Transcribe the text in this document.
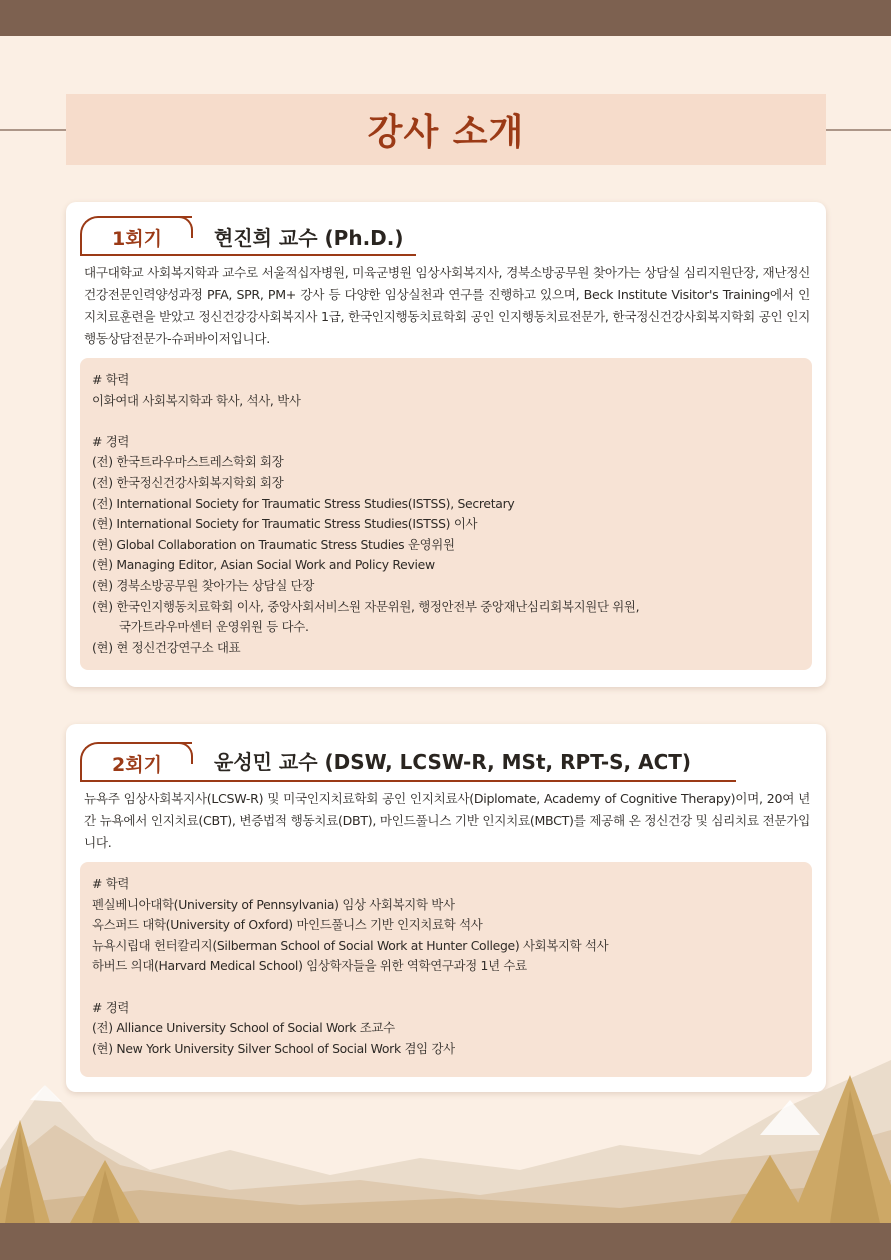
강사 소개
1회기	현진희 교수 (Ph.D.)

대구대학교 사회복지학과 교수로 서울적십자병원, 미육군병원 임상사회복지사, 경북소방공무원 찾아가는 상담실 심리지원단장, 재난정신건강전문인력양성과정 PFA, SPR, PM+ 강사 등 다양한 임상실천과 연구를 진행하고 있으며, Beck Institute Visitor's Training에서 인지치료훈련을 받았고 정신건강강사회복지사 1급, 한국인지행동치료학회 공인 인지행동치료전문가, 한국정신건강사회복지학회 공인 인지행동상담전문가-슈퍼바이저입니다.

# 학력
이화여대 사회복지학과 학사, 석사, 박사
# 경력
(전) 한국트라우마스트레스학회 회장
(전) 한국정신건강사회복지학회 회장
(전) International Society for Traumatic Stress Studies(ISTSS), Secretary
(현) International Society for Traumatic Stress Studies(ISTSS) 이사
(현) Global Collaboration on Traumatic Stress Studies 운영위원
(현) Managing Editor, Asian Social Work and Policy Review
(현) 경북소방공무원 찾아가는 상담실 단장
(현) 한국인지행동치료학회 이사, 중앙사회서비스원 자문위원, 행정안전부 중앙재난심리회복지원단 위원,
국가트라우마센터 운영위원 등 다수.
(현) 현 정신건강연구소 대표
2회기	윤성민 교수 (DSW, LCSW-R, MSt, RPT-S, ACT)

뉴욕주 임상사회복지사(LCSW-R) 및 미국인지치료학회 공인 인지치료사(Diplomate, Academy of Cognitive Therapy)이며, 20여 년간 뉴욕에서 인지치료(CBT), 변증법적 행동치료(DBT), 마인드풀니스 기반 인지치료(MBCT)를 제공해 온 정신건강 및 심리치료 전문가입니다.

# 학력
펜실베니아대학(University of Pennsylvania) 임상 사회복지학 박사
옥스퍼드 대학(University of Oxford) 마인드풀니스 기반 인지치료학 석사
뉴욕시립대 헌터칼리지(Silberman School of Social Work at Hunter College) 사회복지학 석사
하버드 의대(Harvard Medical School) 임상학자들을 위한 역학연구과정 1년 수료
# 경력
(전) Alliance University School of Social Work 조교수
(현) New York University Silver School of Social Work 겸임 강사
